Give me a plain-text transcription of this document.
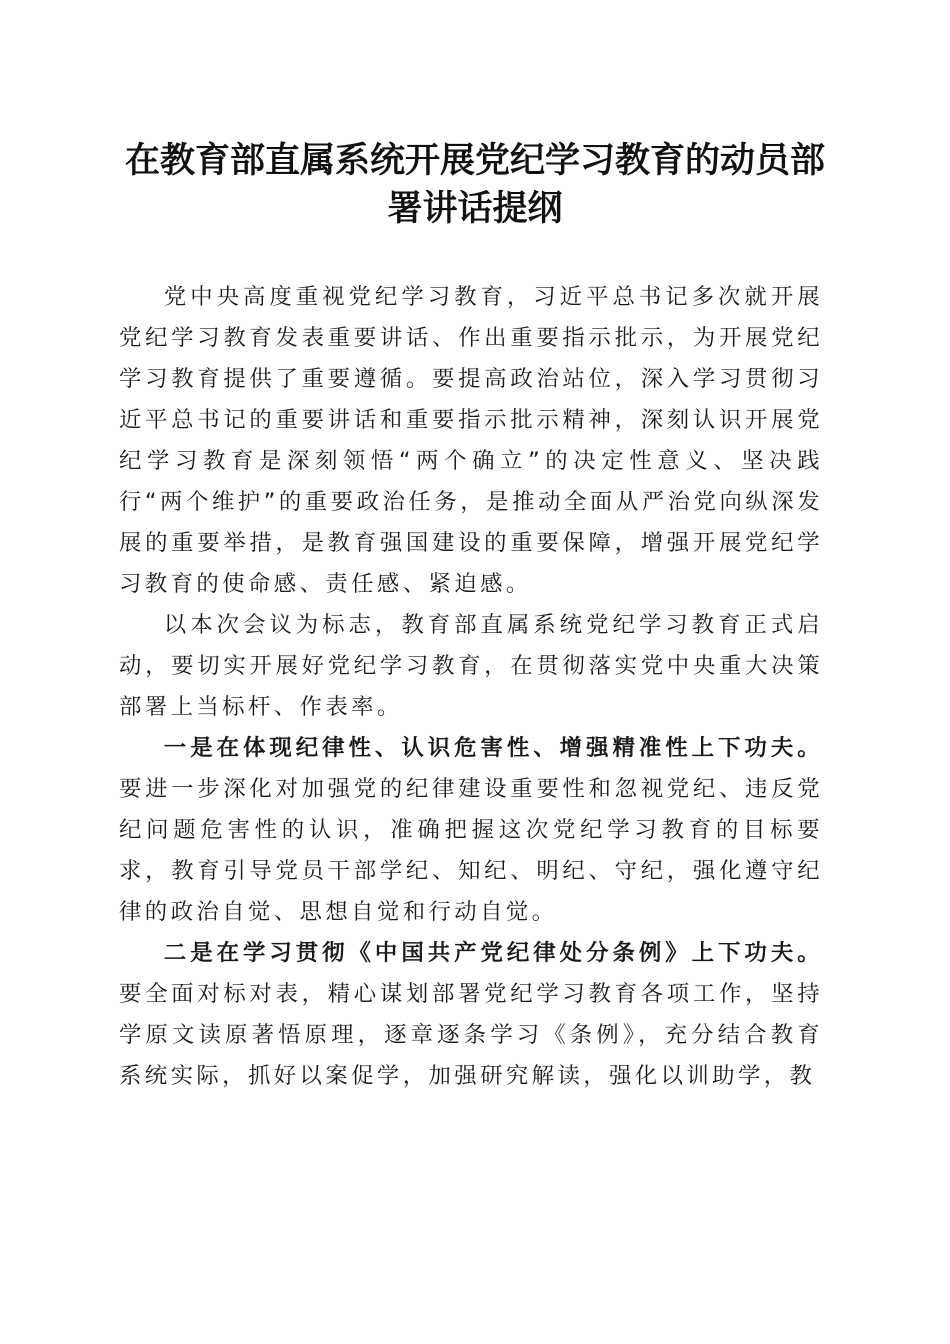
在教育部直属系统开展党纪学习教育的动员部署讲话提纲

党中央高度重视党纪学习教育，习近平总书记多次就开展党纪学习教育发表重要讲话、作出重要指示批示，为开展党纪学习教育提供了重要遵循。要提高政治站位，深入学习贯彻习近平总书记的重要讲话和重要指示批示精神，深刻认识开展党纪学习教育是深刻领悟“两个确立”的决定性意义、坚决践行“两个维护”的重要政治任务，是推动全面从严治党向纵深发展的重要举措，是教育强国建设的重要保障，增强开展党纪学习教育的使命感、责任感、紧迫感。

以本次会议为标志，教育部直属系统党纪学习教育正式启动，要切实开展好党纪学习教育，在贯彻落实党中央重大决策部署上当标杆、作表率。

一是在体现纪律性、认识危害性、增强精准性上下功夫。要进一步深化对加强党的纪律建设重要性和忽视党纪、违反党纪问题危害性的认识，准确把握这次党纪学习教育的目标要求，教育引导党员干部学纪、知纪、明纪、守纪，强化遵守纪律的政治自觉、思想自觉和行动自觉。

二是在学习贯彻《中国共产党纪律处分条例》上下功夫。要全面对标对表，精心谋划部署党纪学习教育各项工作，坚持学原文读原著悟原理，逐章逐条学习《条例》，充分结合教育系统实际，抓好以案促学，加强研究解读，强化以训助学，教
